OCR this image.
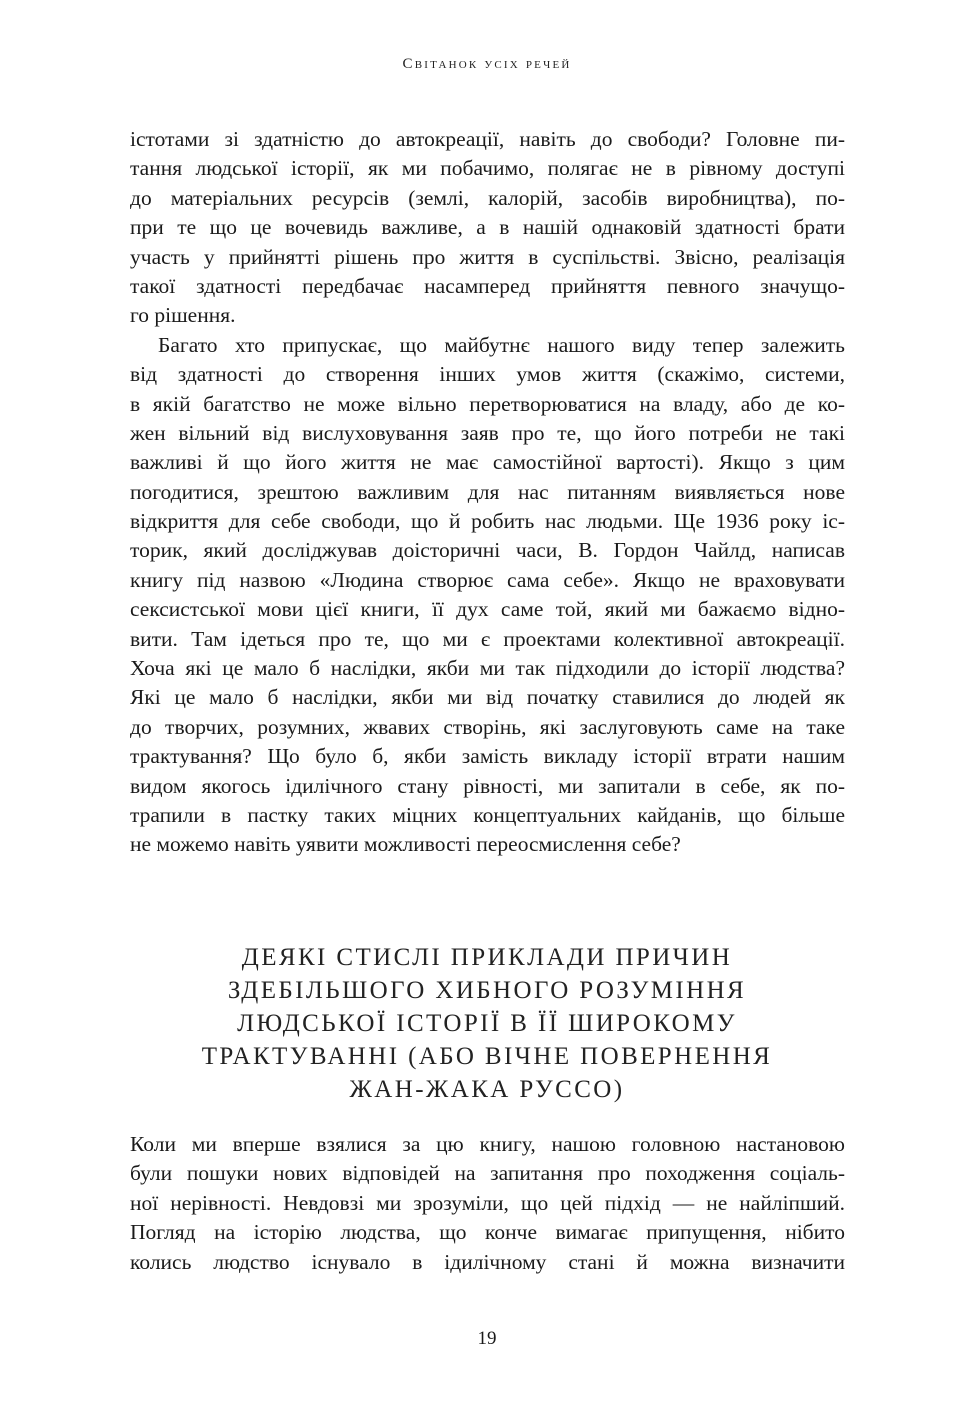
Світанок усіх речей
істотами зі здатністю до автокреації, навіть до свободи? Головне пи-
тання людської історії, як ми побачимо, полягає не в рівному доступі
до матеріальних ресурсів (землі, калорій, засобів виробництва), по-
при те що це вочевидь важливе, а в нашій однаковій здатності брати
участь у прийнятті рішень про життя в суспільстві. Звісно, реалізація
такої здатності передбачає насамперед прийняття певного значущо-
го рішення.
Багато хто припускає, що майбутнє нашого виду тепер залежить
від здатності до створення інших умов життя (скажімо, системи,
в якій багатство не може вільно перетворюватися на владу, або де ко-
жен вільний від вислуховування заяв про те, що його потреби не такі
важливі й що його життя не має самостійної вартості). Якщо з цим
погодитися, зрештою важливим для нас питанням виявляється нове
відкриття для себе свободи, що й робить нас людьми. Ще 1936 року іс-
торик, який досліджував доісторичні часи, В. Гордон Чайлд, написав
книгу під назвою «Людина створює сама себе». Якщо не враховувати
сексистської мови цієї книги, її дух саме той, який ми бажаємо відно-
вити. Там ідеться про те, що ми є проектами колективної автокреації.
Хоча які це мало б наслідки, якби ми так підходили до історії людства?
Які це мало б наслідки, якби ми від початку ставилися до людей як
до творчих, розумних, жвавих створінь, які заслуговують саме на таке
трактування? Що було б, якби замість викладу історії втрати нашим
видом якогось ідилічного стану рівності, ми запитали в себе, як по-
трапили в пастку таких міцних концептуальних кайданів, що більше
не можемо навіть уявити можливості переосмислення себе?
ДЕЯКІ СТИСЛІ ПРИКЛАДИ ПРИЧИН
ЗДЕБІЛЬШОГО ХИБНОГО РОЗУМІННЯ
ЛЮДСЬКОЇ ІСТОРІЇ В ЇЇ ШИРОКОМУ
ТРАКТУВАННІ (АБО ВІЧНЕ ПОВЕРНЕННЯ
ЖАН-ЖАКА РУССО)
Коли ми вперше взялися за цю книгу, нашою головною настановою
були пошуки нових відповідей на запитання про походження соціаль-
ної нерівності. Невдовзі ми зрозуміли, що цей підхід — не найліпший.
Погляд на історію людства, що конче вимагає припущення, нібито
колись людство існувало в ідилічному стані й можна визначити
19
